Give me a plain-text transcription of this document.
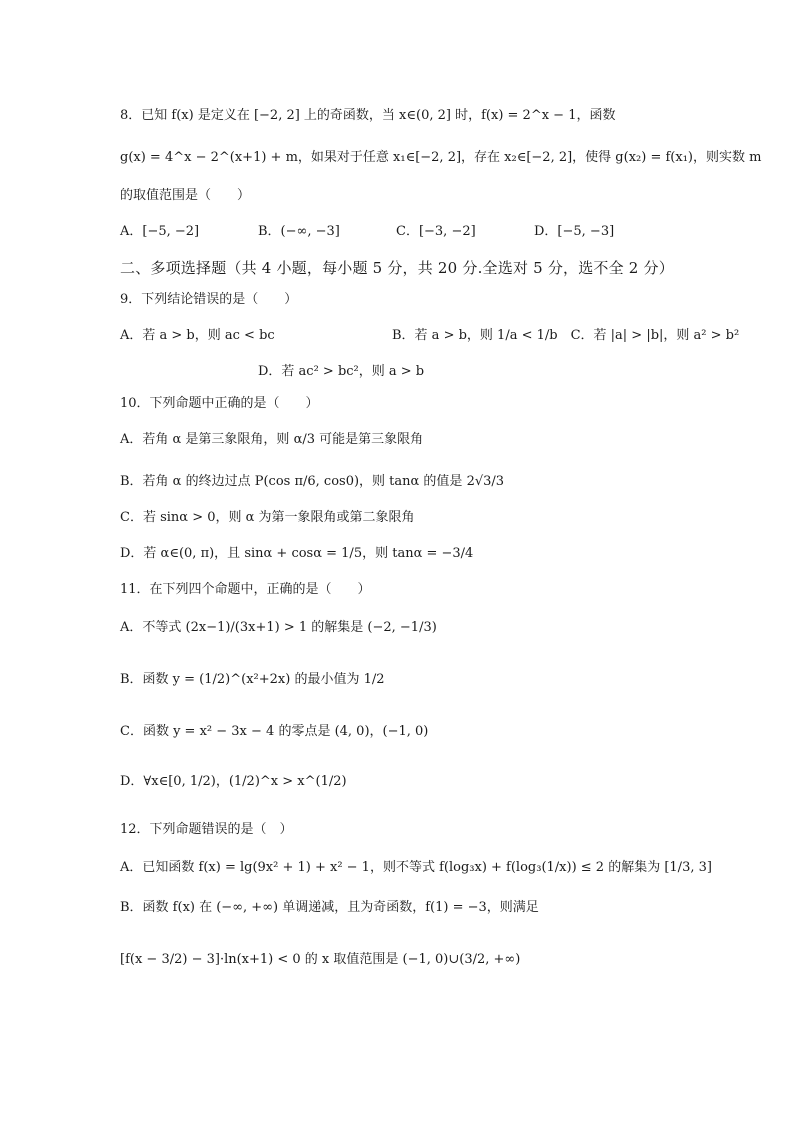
8．已知 f(x) 是定义在 [−2, 2] 上的奇函数，当 x∈(0, 2] 时，f(x) = 2^x − 1，函数
g(x) = 4^x − 2^(x+1) + m，如果对于任意 x₁∈[−2, 2]，存在 x₂∈[−2, 2]，使得 g(x₂) = f(x₁)，则实数 m
的取值范围是（　　）
A．[−5, −2]	B．(−∞, −3]	C．[−3, −2]	D．[−5, −3]
二、多项选择题（共 4 小题，每小题 5 分，共 20 分.全选对 5 分，选不全 2 分）
9．下列结论错误的是（　　）
A．若 a > b，则 ac < bc	B．若 a > b，则 1/a < 1/b　C．若 |a| > |b|，则 a² > b²
D．若 ac² > bc²，则 a > b
10．下列命题中正确的是（　　）
A．若角 α 是第三象限角，则 α/3 可能是第三象限角
B．若角 α 的终边过点 P(cos π/6, cos0)，则 tanα 的值是 2√3/3
C．若 sinα > 0，则 α 为第一象限角或第二象限角
D．若 α∈(0, π)，且 sinα + cosα = 1/5，则 tanα = −3/4
11．在下列四个命题中，正确的是（　　）
A．不等式 (2x−1)/(3x+1) > 1 的解集是 (−2, −1/3)
B．函数 y = (1/2)^(x²+2x) 的最小值为 1/2
C．函数 y = x² − 3x − 4 的零点是 (4, 0)，(−1, 0)
D．∀x∈[0, 1/2)，(1/2)^x > x^(1/2)
12．下列命题错误的是（　）
A．已知函数 f(x) = lg(9x² + 1) + x² − 1，则不等式 f(log₃x) + f(log₃(1/x)) ≤ 2 的解集为 [1/3, 3]
B．函数 f(x) 在 (−∞, +∞) 单调递减，且为奇函数，f(1) = −3，则满足
[f(x − 3/2) − 3]·ln(x+1) < 0 的 x 取值范围是 (−1, 0)∪(3/2, +∞)
